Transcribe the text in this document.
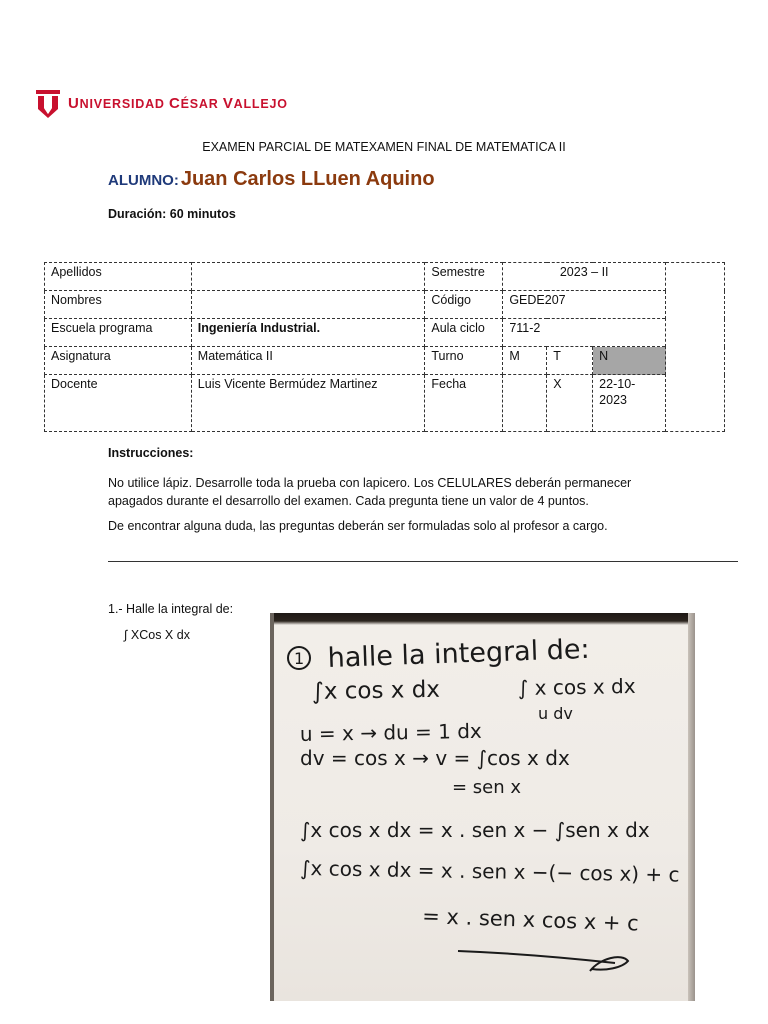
UNIVERSIDAD CÉSAR VALLEJO
EXAMEN PARCIAL DE MATEXAMEN FINAL DE MATEMATICA II
ALUMNO: Juan Carlos LLuen Aquino
Duración: 60 minutos
Apellidos		Semestre	2023 – II			
Nombres		Código	GEDE207			
Escuela programa	Ingeniería Industrial.	Aula ciclo	711-2			
Asignatura	Matemática II	Turno	M	T	N	
Docente	Luis Vicente Bermúdez Martinez	Fecha		X	22-10-2023	
Instrucciones:
No utilice lápiz. Desarrolle toda la prueba con lapicero. Los CELULARES deberán permanecer apagados durante el desarrollo del examen. Cada pregunta tiene un valor de 4 puntos.
De encontrar alguna duda, las preguntas deberán ser formuladas solo al profesor a cargo.
1.- Halle la integral de:
∫ XCos X dx
1 halle la integral de:
∫x cos x dx	∫ x cos x dx
u dv
u = x → du = 1 dx
dv = cos x → v = ∫cos x dx
= sen x
∫x cos x dx = x . sen x − ∫sen x dx
∫x cos x dx = x . sen x −(− cos x) + c
= x . sen x cos x + c
